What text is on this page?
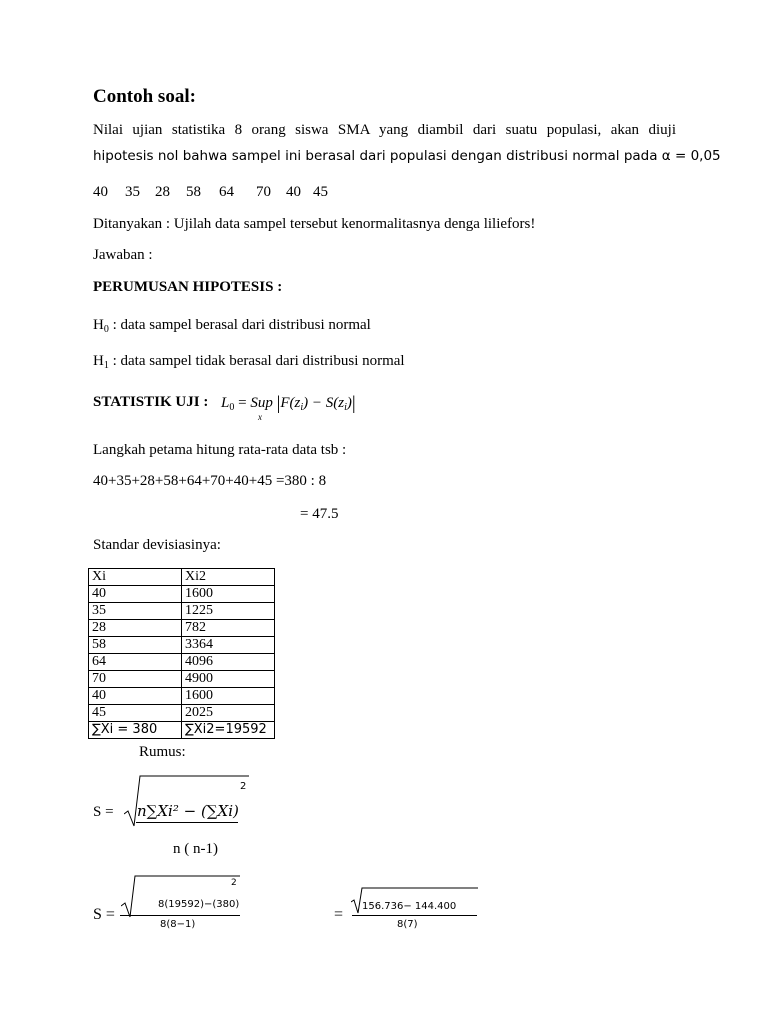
Contoh soal:
Nilai ujian statistika 8 orang siswa SMA yang diambil dari suatu populasi, akan diuji
hipotesis nol bahwa sampel ini berasal dari populasi dengan distribusi normal pada α = 0,05
40 35 28 58 64 70 40 45
Ditanyakan : Ujilah data sampel tersebut kenormalitasnya denga liliefors!
Jawaban :
PERUMUSAN HIPOTESIS :
$H_0$ : data sampel berasal dari distribusi normal
$H_1$ : data sampel tidak berasal dari distribusi normal
STATISTIK UJI : $L_0$ = Sup $|F(z_i) - S(z_i)|$
x
Langkah petama hitung rata-rata data tsb :
40+35+28+58+64+70+40+45 =380 : 8
= 47.5
Standar devisiasinya:
Xi	Xi2
40	1600
35	1225
28	782
58	3364
64	4096
70	4900
40	1600
45	2025
∑Xi = 380	∑Xi2=19592
Rumus:
S =
2
n∑Xi² − (∑Xi)
n ( n-1)
S =
2
8(19592)−(380)
8(8−1)
= 156.736− 144.400
8(7)
